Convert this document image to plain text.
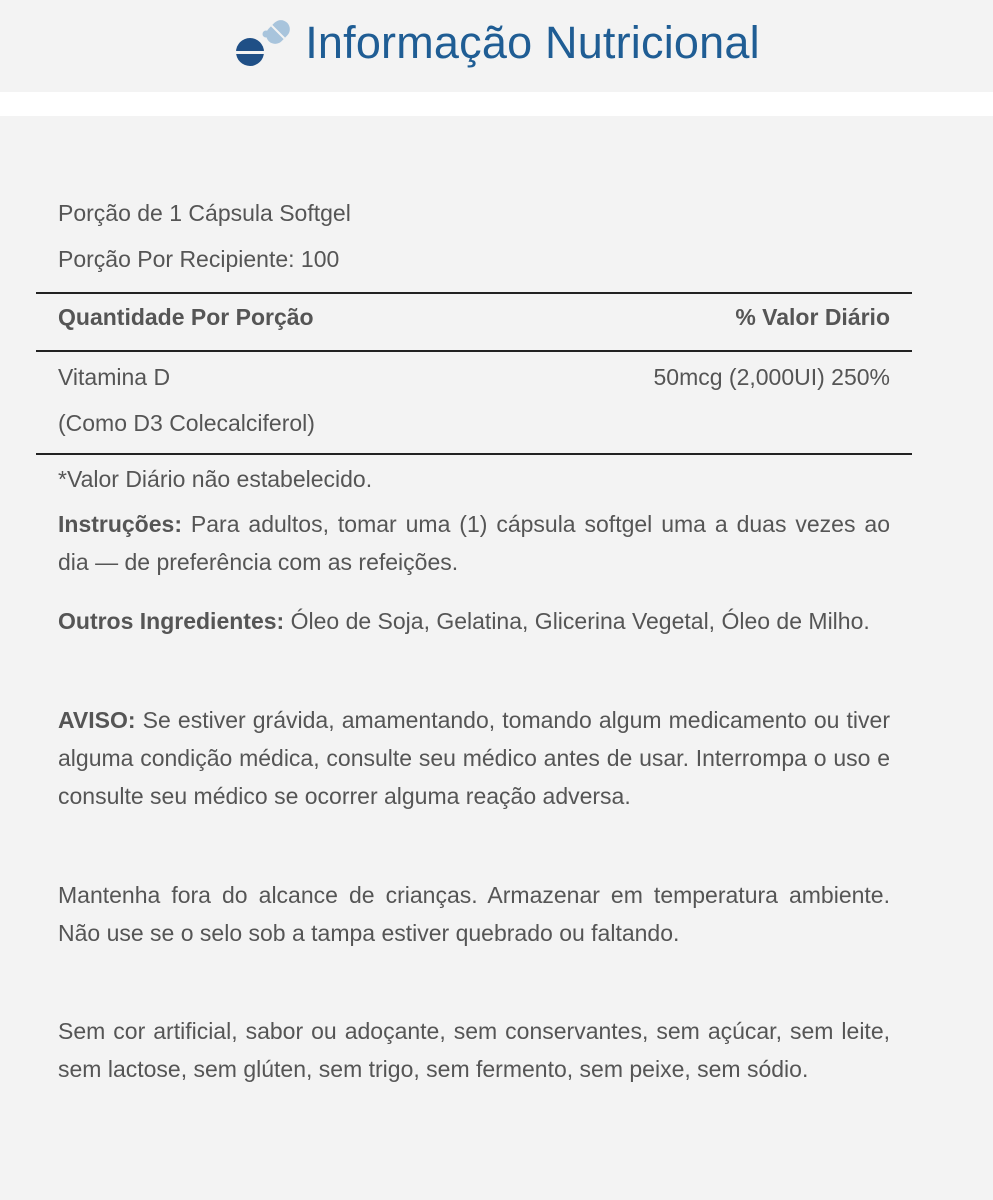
Informação Nutricional
Porção de 1 Cápsula Softgel
Porção Por Recipiente: 100
Quantidade Por Porção	% Valor Diário
Vitamina D	50mcg (2,000UI) 250%
(Como D3 Colecalciferol)
*Valor Diário não estabelecido.
Instruções: Para adultos, tomar uma (1) cápsula softgel uma a duas vezes ao dia — de preferência com as refeições.
Outros Ingredientes: Óleo de Soja, Gelatina, Glicerina Vegetal, Óleo de Milho.
AVISO: Se estiver grávida, amamentando, tomando algum medicamento ou tiver alguma condição médica, consulte seu médico antes de usar. Interrompa o uso e consulte seu médico se ocorrer alguma reação adversa.
Mantenha fora do alcance de crianças. Armazenar em temperatura ambiente. Não use se o selo sob a tampa estiver quebrado ou faltando.
Sem cor artificial, sabor ou adoçante, sem conservantes, sem açúcar, sem leite, sem lactose, sem glúten, sem trigo, sem fermento, sem peixe, sem sódio.
